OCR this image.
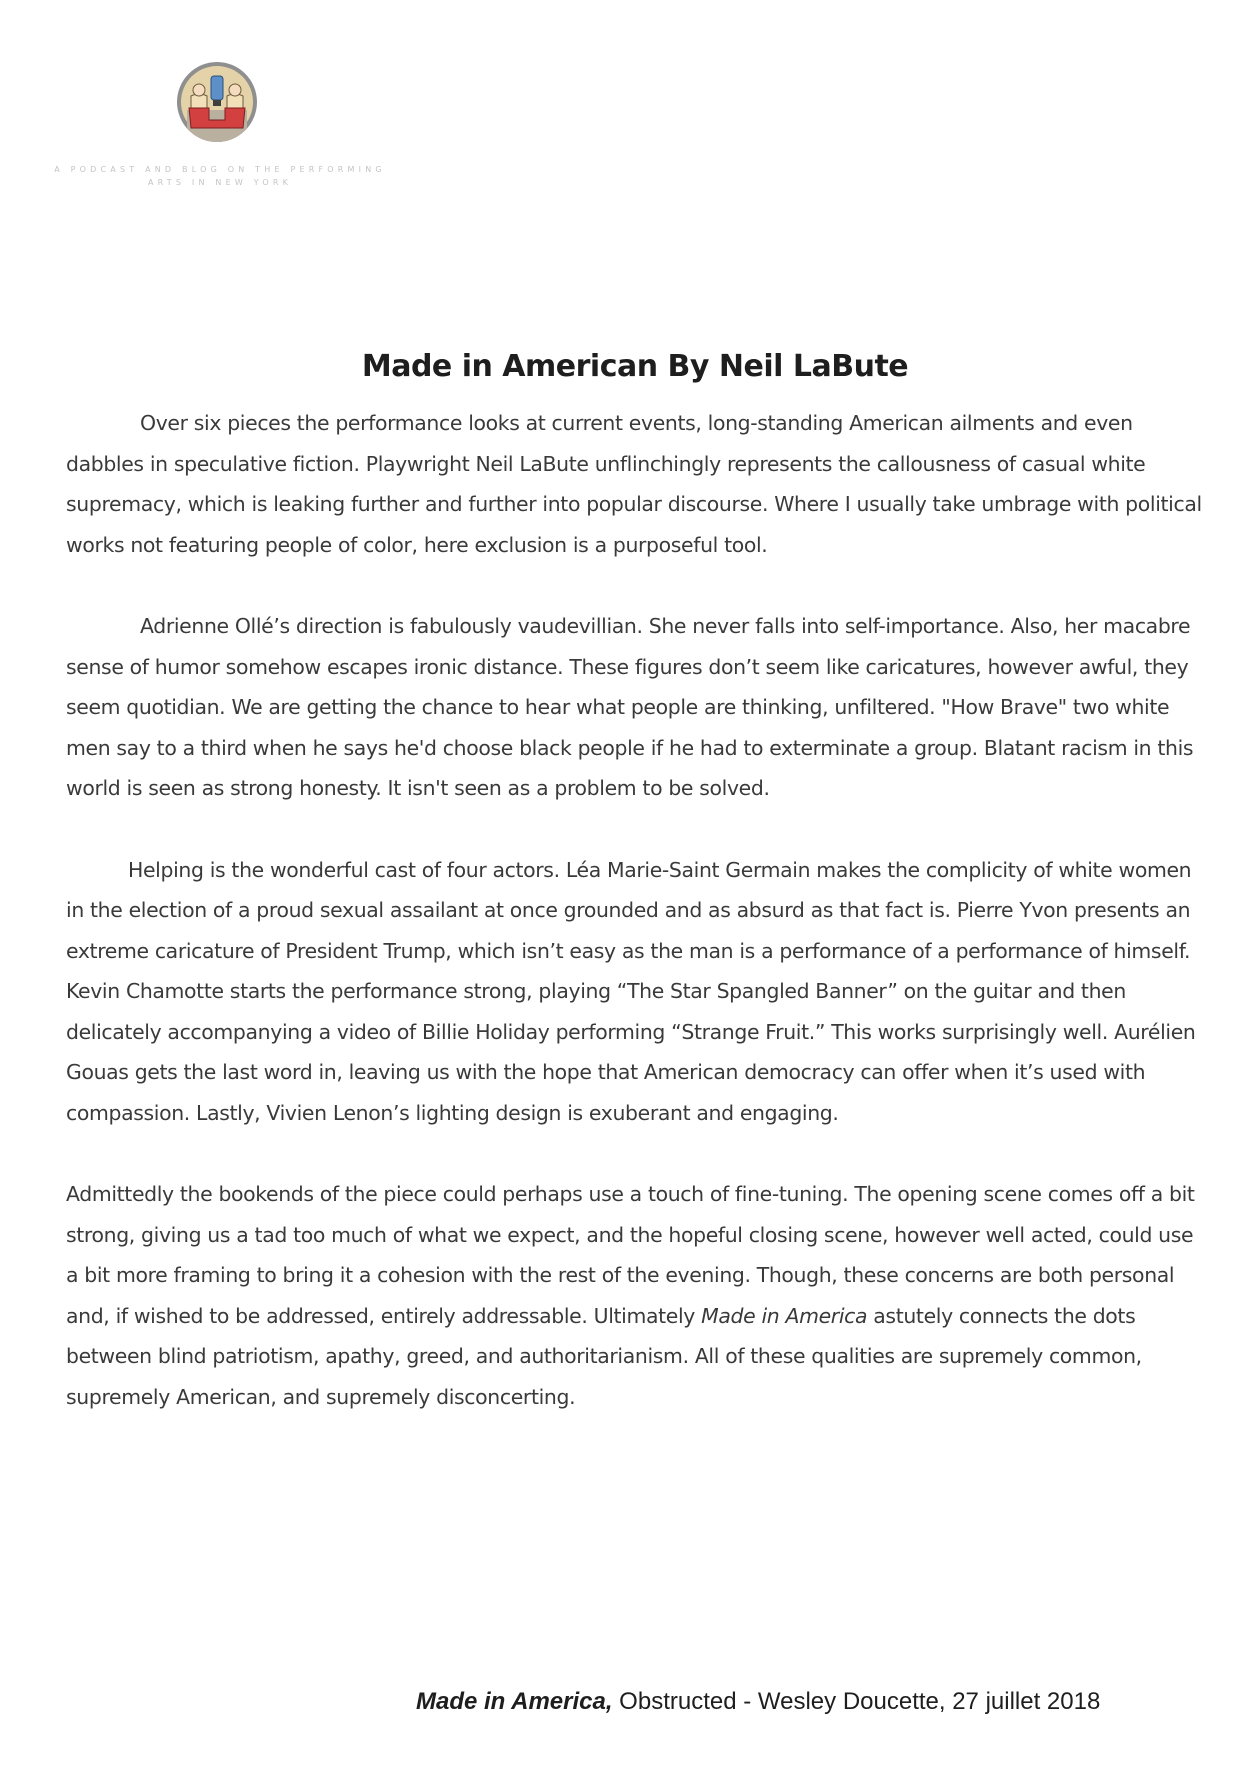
A PODCAST AND BLOG ON THE PERFORMING ARTS IN NEW YORK
Made in American By Neil LaBute

Over six pieces the performance looks at current events, long-standing American ailments and even dabbles in speculative fiction. Playwright Neil LaBute unflinchingly represents the callousness of casual white supremacy, which is leaking further and further into popular discourse. Where I usually take umbrage with political works not featuring people of color, here exclusion is a purposeful tool.

Adrienne Ollé’s direction is fabulously vaudevillian. She never falls into self-importance. Also, her macabre sense of humor somehow escapes ironic distance. These figures don’t seem like caricatures, however awful, they seem quotidian. We are getting the chance to hear what people are thinking, unfiltered. "How Brave" two white men say to a third when he says he'd choose black people if he had to exterminate a group. Blatant racism in this world is seen as strong honesty. It isn't seen as a problem to be solved.

Helping is the wonderful cast of four actors. Léa Marie-Saint Germain makes the complicity of white women in the election of a proud sexual assailant at once grounded and as absurd as that fact is. Pierre Yvon presents an extreme caricature of President Trump, which isn’t easy as the man is a performance of a performance of himself. Kevin Chamotte starts the performance strong, playing “The Star Spangled Banner” on the guitar and then delicately accompanying a video of Billie Holiday performing “Strange Fruit.” This works surprisingly well. Aurélien Gouas gets the last word in, leaving us with the hope that American democracy can offer when it’s used with compassion. Lastly, Vivien Lenon’s lighting design is exuberant and engaging.

Admittedly the bookends of the piece could perhaps use a touch of fine-tuning. The opening scene comes off a bit strong, giving us a tad too much of what we expect, and the hopeful closing scene, however well acted, could use a bit more framing to bring it a cohesion with the rest of the evening. Though, these concerns are both personal and, if wished to be addressed, entirely addressable. Ultimately Made in America astutely connects the dots between blind patriotism, apathy, greed, and authoritarianism. All of these qualities are supremely common, supremely American, and supremely disconcerting.

Made in America, Obstructed - Wesley Doucette, 27 juillet 2018
